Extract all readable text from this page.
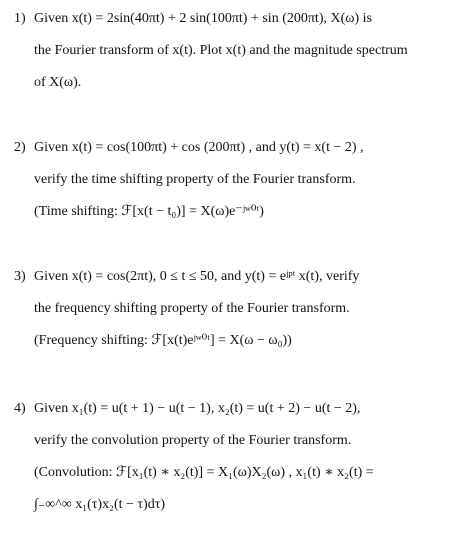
1) Given x(t) = 2sin(40πt) + 2 sin(100πt) + sin (200πt), X(ω) is
the Fourier transform of x(t). Plot x(t) and the magnitude spectrum
of X(ω).
2) Given x(t) = cos(100πt) + cos (200πt) , and y(t) = x(t − 2) ,
verify the time shifting property of the Fourier transform.
(Time shifting: ℱ[x(t − t₀)] = X(ω)e⁻ʲʷ⁰ᵗ)
3) Given x(t) = cos(2πt), 0 ≤ t ≤ 50, and y(t) = eʲᵖᵗ x(t), verify
the frequency shifting property of the Fourier transform.
(Frequency shifting: ℱ[x(t)eʲʷ⁰ᵗ] = X(ω − ω₀))
4) Given x₁(t) = u(t + 1) − u(t − 1), x₂(t) = u(t + 2) − u(t − 2),
verify the convolution property of the Fourier transform.
(Convolution: ℱ[x₁(t) ∗ x₂(t)] = X₁(ω)X₂(ω) , x₁(t) ∗ x₂(t) =
∫₋∞^∞ x₁(τ)x₂(t − τ)dτ)
